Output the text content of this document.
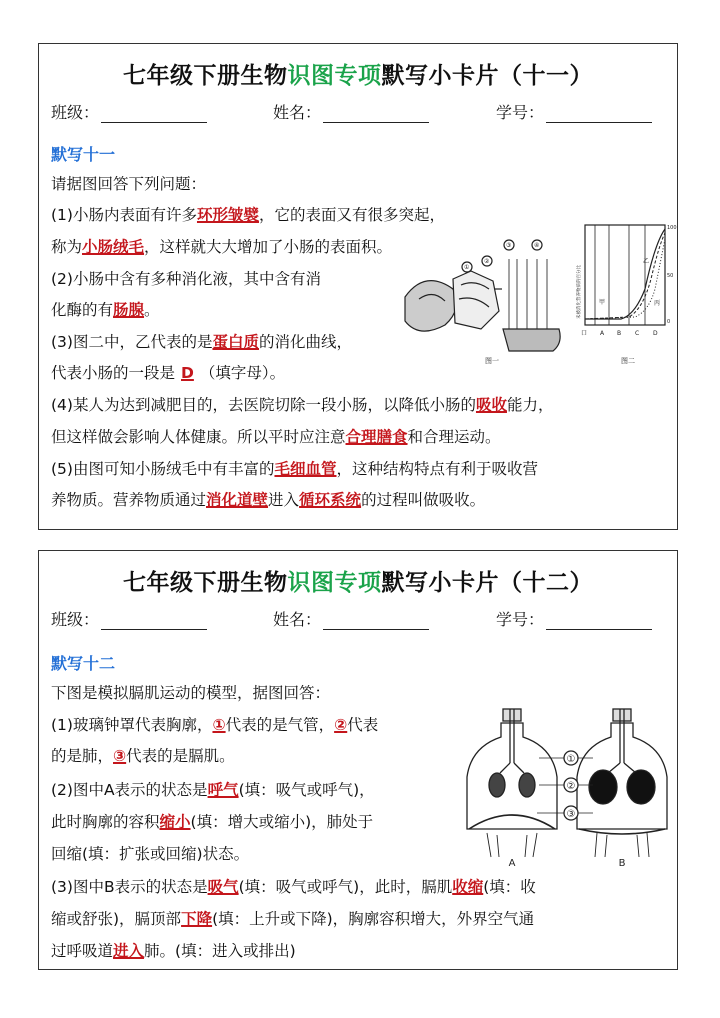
七年级下册生物识图专项默写小卡片（十一）
班级：	姓名：	学号：
默写十一
请据图回答下列问题：
(1)小肠内表面有许多环形皱襞，它的表面又有很多突起，
称为小肠绒毛，这样就大大增加了小肠的表面积。
(2)小肠中含有多种消化液，其中含有消
化酶的有肠腺。
(3)图二中，乙代表的是蛋白质的消化曲线，
代表小肠的一段是 D （填字母）。
(4)某人为达到减肥目的，去医院切除一段小肠，以降低小肠的吸收能力，
但这样做会影响人体健康。所以平时应注意合理膳食和合理运动。
(5)由图可知小肠绒毛中有丰富的毛细血管，这种结构特点有利于吸收营
养物质。营养物质通过消化道壁进入循环系统的过程叫做吸收。
①
②
③	④
图一
甲
乙
丙
口 A B C D
100
50
0
未被消化营养物质的百分比
图二
七年级下册生物识图专项默写小卡片（十二）
班级：	姓名：	学号：
默写十二
下图是模拟膈肌运动的模型，据图回答：
(1)玻璃钟罩代表胸廓，①代表的是气管，②代表
的是肺，③代表的是膈肌。
(2)图中A表示的状态是呼气(填：吸气或呼气)，
此时胸廓的容积缩小(填：增大或缩小)，肺处于
回缩(填：扩张或回缩)状态。
(3)图中B表示的状态是吸气(填：吸气或呼气)，此时，膈肌收缩(填：收
缩或舒张)，膈顶部下降(填：上升或下降)，胸廓容积增大，外界空气通
过呼吸道进入肺。(填：进入或排出)
①
②
③
A	B
